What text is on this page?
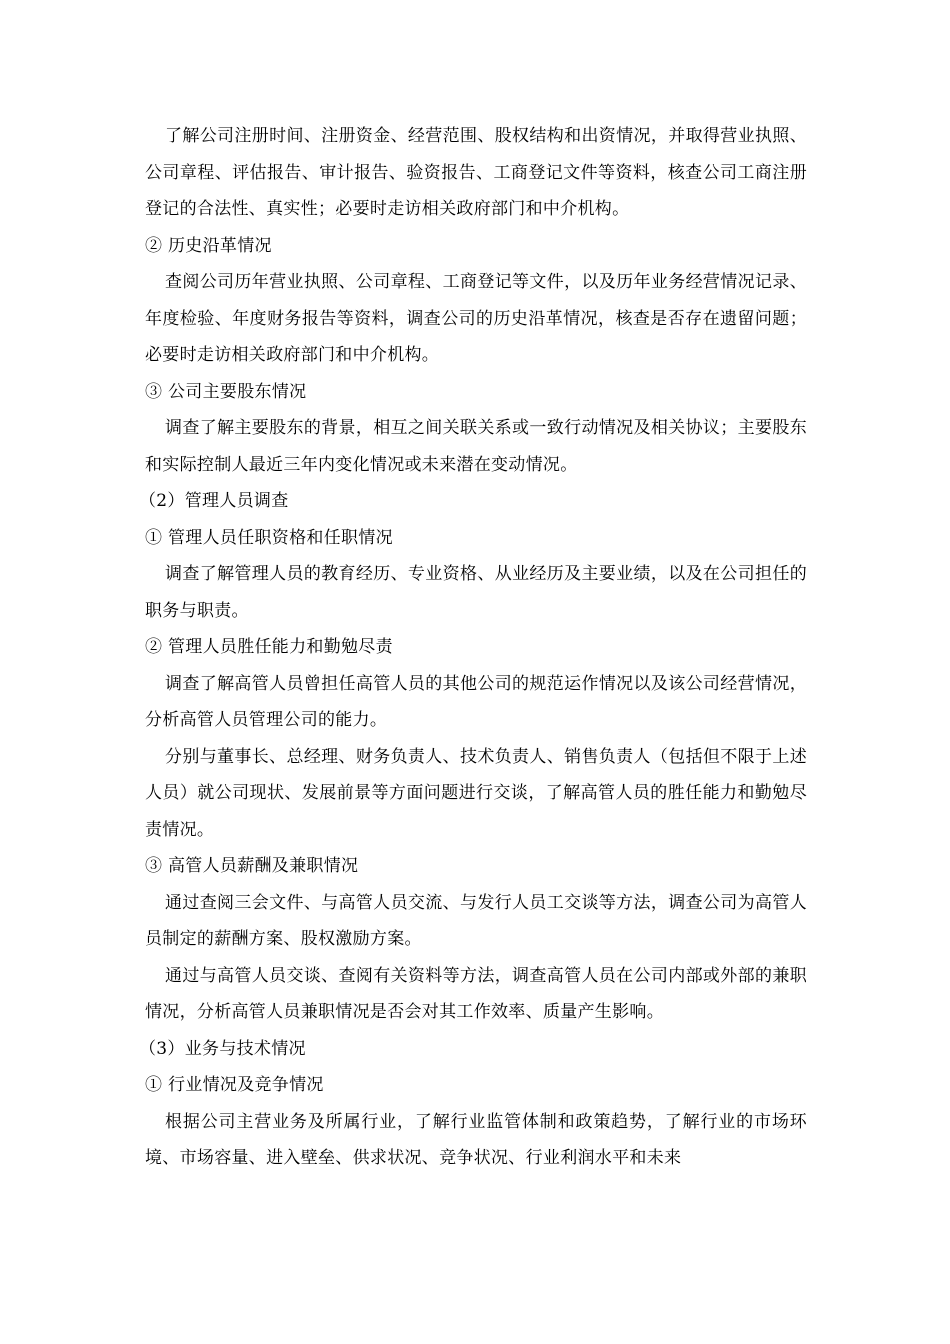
了解公司注册时间、注册资金、经营范围、股权结构和出资情况，并取得营业执照、公司章程、评估报告、审计报告、验资报告、工商登记文件等资料，核查公司工商注册登记的合法性、真实性；必要时走访相关政府部门和中介机构。

② 历史沿革情况

查阅公司历年营业执照、公司章程、工商登记等文件，以及历年业务经营情况记录、年度检验、年度财务报告等资料，调查公司的历史沿革情况，核查是否存在遗留问题；必要时走访相关政府部门和中介机构。

③ 公司主要股东情况

调查了解主要股东的背景，相互之间关联关系或一致行动情况及相关协议；主要股东和实际控制人最近三年内变化情况或未来潜在变动情况。

（2）管理人员调查

① 管理人员任职资格和任职情况

调查了解管理人员的教育经历、专业资格、从业经历及主要业绩，以及在公司担任的职务与职责。

② 管理人员胜任能力和勤勉尽责

调查了解高管人员曾担任高管人员的其他公司的规范运作情况以及该公司经营情况，分析高管人员管理公司的能力。

分别与董事长、总经理、财务负责人、技术负责人、销售负责人（包括但不限于上述人员）就公司现状、发展前景等方面问题进行交谈，了解高管人员的胜任能力和勤勉尽责情况。

③ 高管人员薪酬及兼职情况

通过查阅三会文件、与高管人员交流、与发行人员工交谈等方法，调查公司为高管人员制定的薪酬方案、股权激励方案。

通过与高管人员交谈、查阅有关资料等方法，调查高管人员在公司内部或外部的兼职情况，分析高管人员兼职情况是否会对其工作效率、质量产生影响。

（3）业务与技术情况

① 行业情况及竞争情况

根据公司主营业务及所属行业，了解行业监管体制和政策趋势，了解行业的市场环境、市场容量、进入壁垒、供求状况、竞争状况、行业利润水平和未来
